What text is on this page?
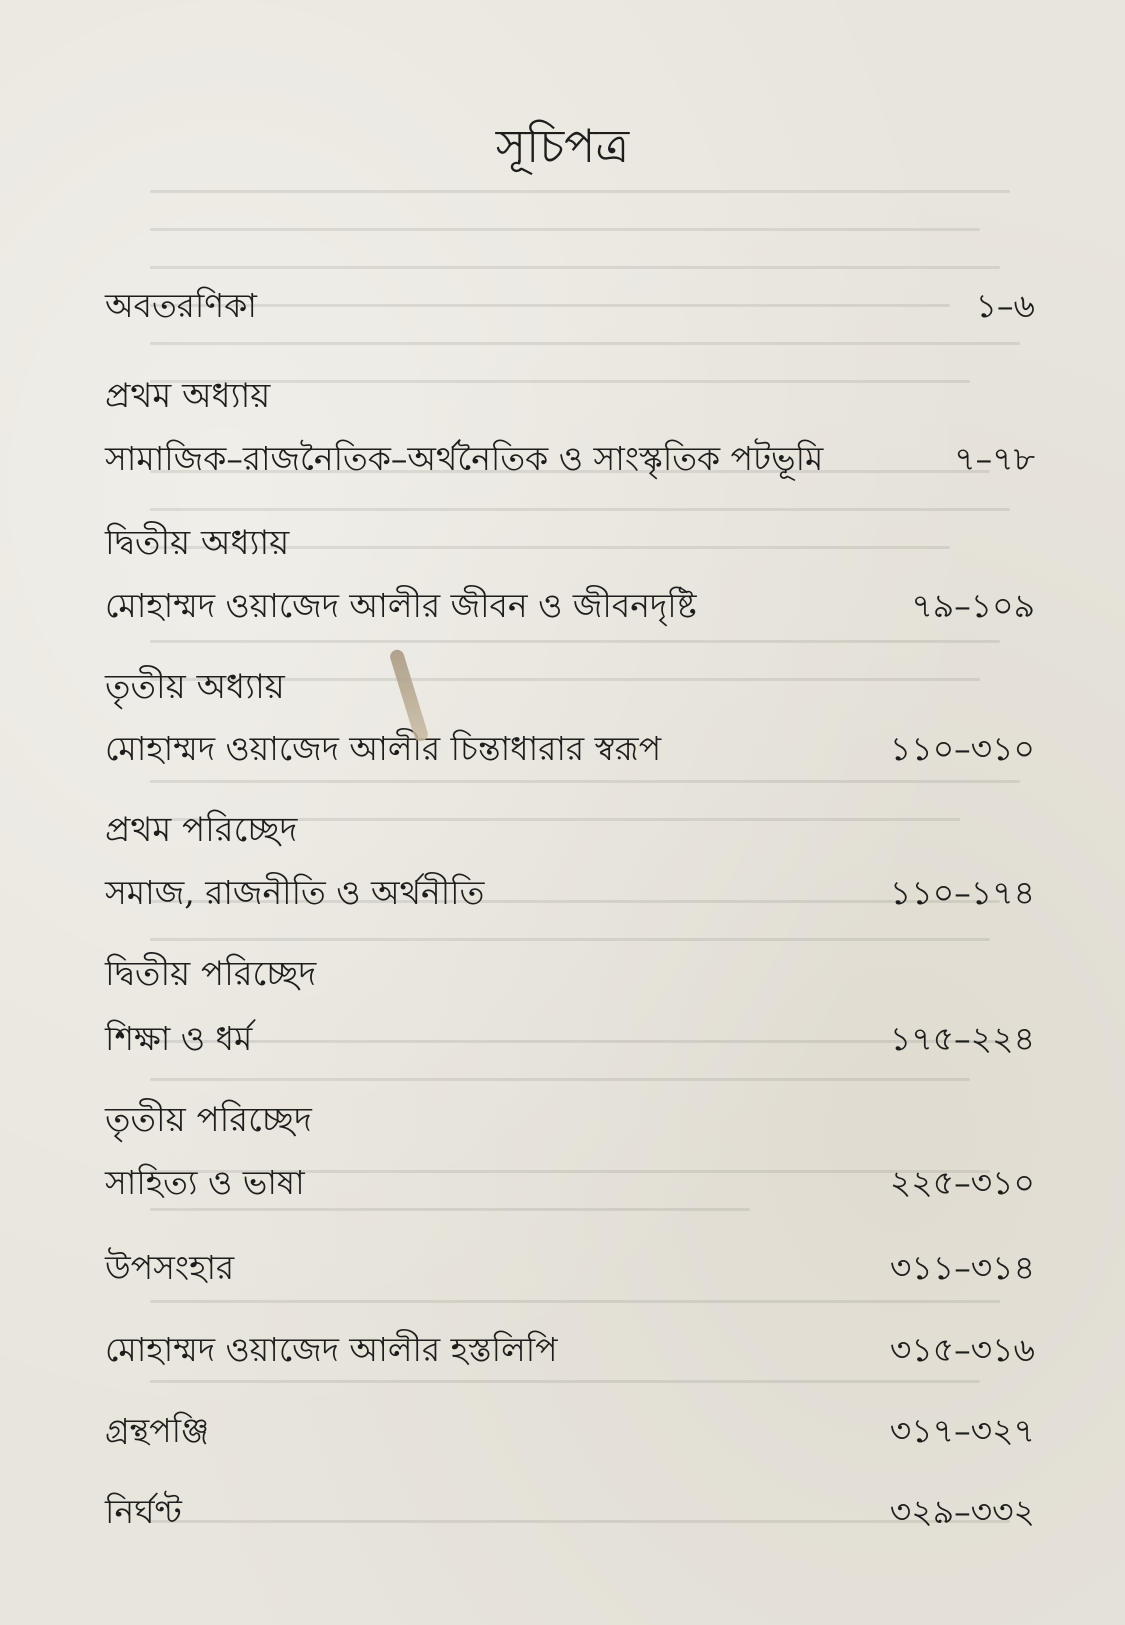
সূচিপত্র
অবতরণিকা	১–৬
প্রথম অধ্যায়
সামাজিক–রাজনৈতিক–অর্থনৈতিক ও সাংস্কৃতিক পটভূমি	৭–৭৮
দ্বিতীয় অধ্যায়
মোহাম্মদ ওয়াজেদ আলীর জীবন ও জীবনদৃষ্টি	৭৯–১০৯
তৃতীয় অধ্যায়
মোহাম্মদ ওয়াজেদ আলীর চিন্তাধারার স্বরূপ	১১০–৩১০
প্রথম পরিচ্ছেদ
সমাজ, রাজনীতি ও অর্থনীতি	১১০–১৭৪
দ্বিতীয় পরিচ্ছেদ
শিক্ষা ও ধর্ম	১৭৫–২২৪
তৃতীয় পরিচ্ছেদ
সাহিত্য ও ভাষা	২২৫–৩১০
উপসংহার	৩১১–৩১৪
মোহাম্মদ ওয়াজেদ আলীর হস্তলিপি	৩১৫–৩১৬
গ্রন্থপঞ্জি	৩১৭–৩২৭
নির্ঘণ্ট	৩২৯–৩৩২
